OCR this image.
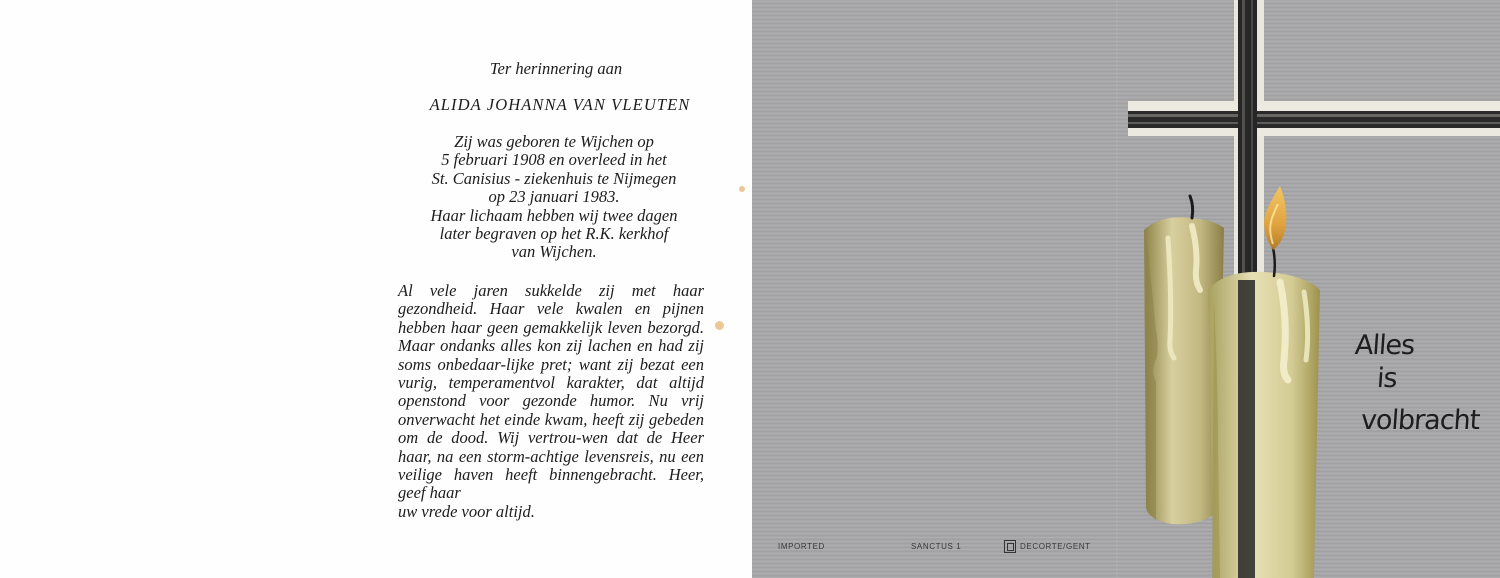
Ter herinnering aan

ALIDA JOHANNA VAN VLEUTEN

Zij was geboren te Wijchen op
5 februari 1908 en overleed in het
St. Canisius - ziekenhuis te Nijmegen
op 23 januari 1983.
Haar lichaam hebben wij twee dagen
later begraven op het R.K. kerkhof
van Wijchen.
Al vele jaren sukkelde zij met haar gezondheid. Haar vele kwalen en pijnen hebben haar geen gemakkelijk leven bezorgd. Maar ondanks alles kon zij lachen en had zij soms onbedaar-lijke pret; want zij bezat een vurig, temperamentvol karakter, dat altijd openstond voor gezonde humor. Nu vrij onverwacht het einde kwam, heeft zij gebeden om de dood. Wij vertrou-wen dat de Heer haar, na een storm-achtige levensreis, nu een veilige haven heeft binnengebracht. Heer, geef haar
uw vrede voor altijd.
Alles
is
volbracht
IMPORTED	SANCTUS 1	DECORTE/GENT
